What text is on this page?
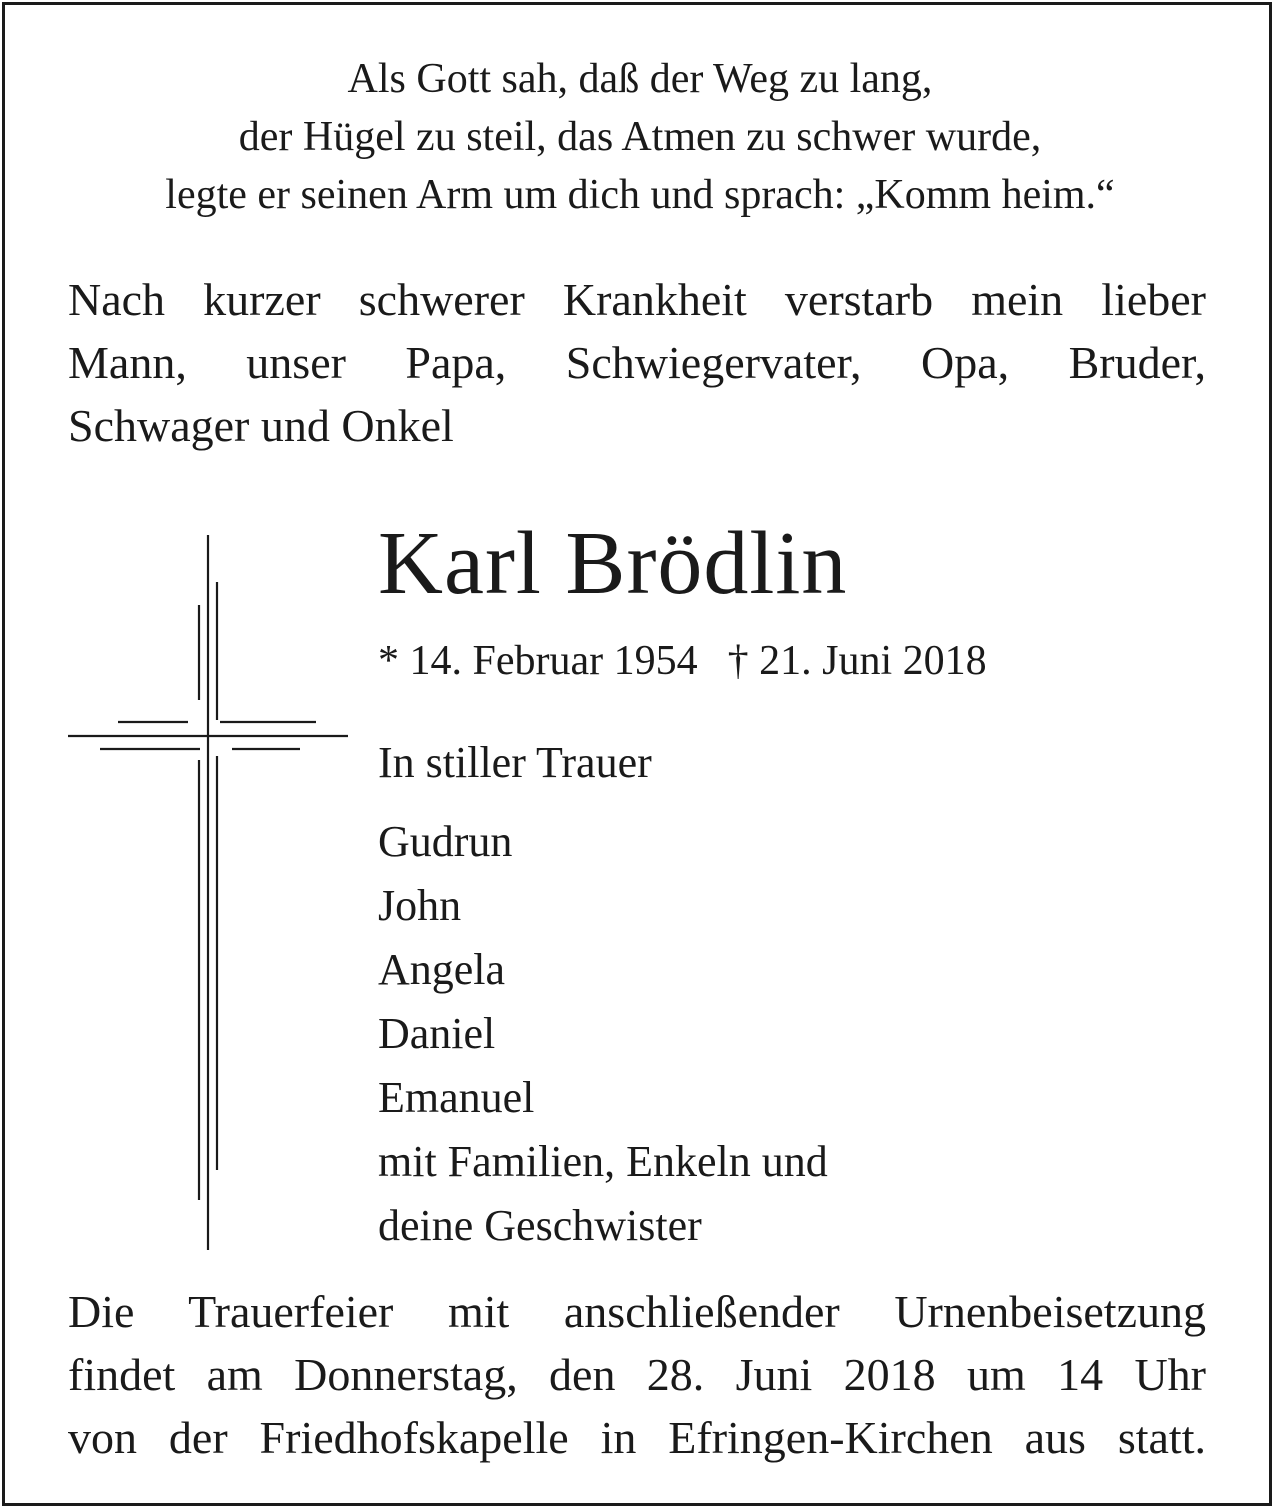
Als Gott sah, daß der Weg zu lang,
der Hügel zu steil, das Atmen zu schwer wurde,
legte er seinen Arm um dich und sprach: „Komm heim.“
Nach kurzer schwerer Krankheit verstarb mein lieber
Mann, unser Papa, Schwiegervater, Opa, Bruder,
Schwager und Onkel
Karl Brödlin
* 14. Februar 1954 † 21. Juni 2018
In stiller Trauer
Gudrun
John
Angela
Daniel
Emanuel
mit Familien, Enkeln und
deine Geschwister
Die Trauerfeier mit anschließender Urnenbeisetzung
findet am Donnerstag, den 28. Juni 2018 um 14 Uhr
von der Friedhofskapelle in Efringen-Kirchen aus statt.
